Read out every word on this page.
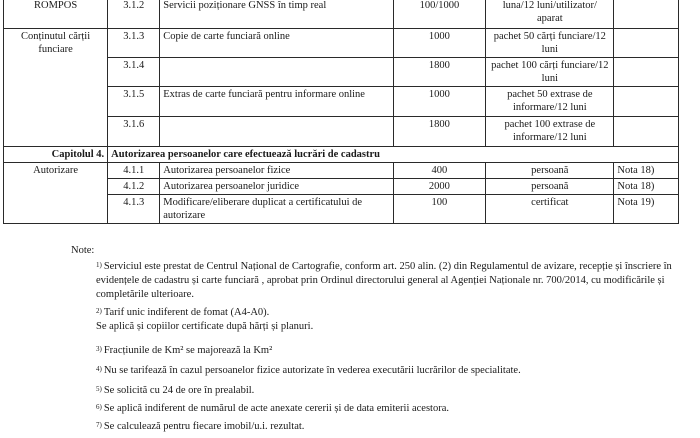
ROMPOS	3.1.2	Servicii poziționare GNSS în timp real	100/1000	luna/12 luni/utilizator/ aparat	
Conținutul cărții funciare	3.1.3	Copie de carte funciară online	1000	pachet 50 cărți funciare/12 luni	
	3.1.4		1800	pachet 100 cărți funciare/12 luni	
	3.1.5	Extras de carte funciară pentru informare online	1000	pachet 50 extrase de informare/12 luni	
	3.1.6		1800	pachet 100 extrase de informare/12 luni	
Capitolul 4.	Autorizarea persoanelor care efectuează lucrări de cadastru				
Autorizare	4.1.1	Autorizarea persoanelor fizice	400	persoană	Nota 18)
	4.1.2	Autorizarea persoanelor juridice	2000	persoană	Nota 18)
	4.1.3	Modificare/eliberare duplicat a certificatului de autorizare	100	certificat	Nota 19)
Note:
$^{1)}$ Serviciul este prestat de Centrul Național de Cartografie, conform art. 250 alin. (2) din Regulamentul de avizare, recepție și înscriere în evidențele de cadastru și carte funciară , aprobat prin Ordinul directorului general al Agenției Naționale nr. 700/2014, cu modificările și completările ulterioare.
$^{2)}$ Tarif unic indiferent de fomat (A4-A0).
Se aplică și copiilor certificate după hărți și planuri.
$^{3)}$ Fracțiunile de Km² se majorează la Km²
$^{4)}$ Nu se tarifează în cazul persoanelor fizice autorizate în vederea executării lucrărilor de specialitate.
$^{5)}$ Se solicită cu 24 de ore în prealabil.
$^{6)}$ Se aplică indiferent de numărul de acte anexate cererii și de data emiterii acestora.
$^{7)}$ Se calculează pentru fiecare imobil/u.i. rezultat.
